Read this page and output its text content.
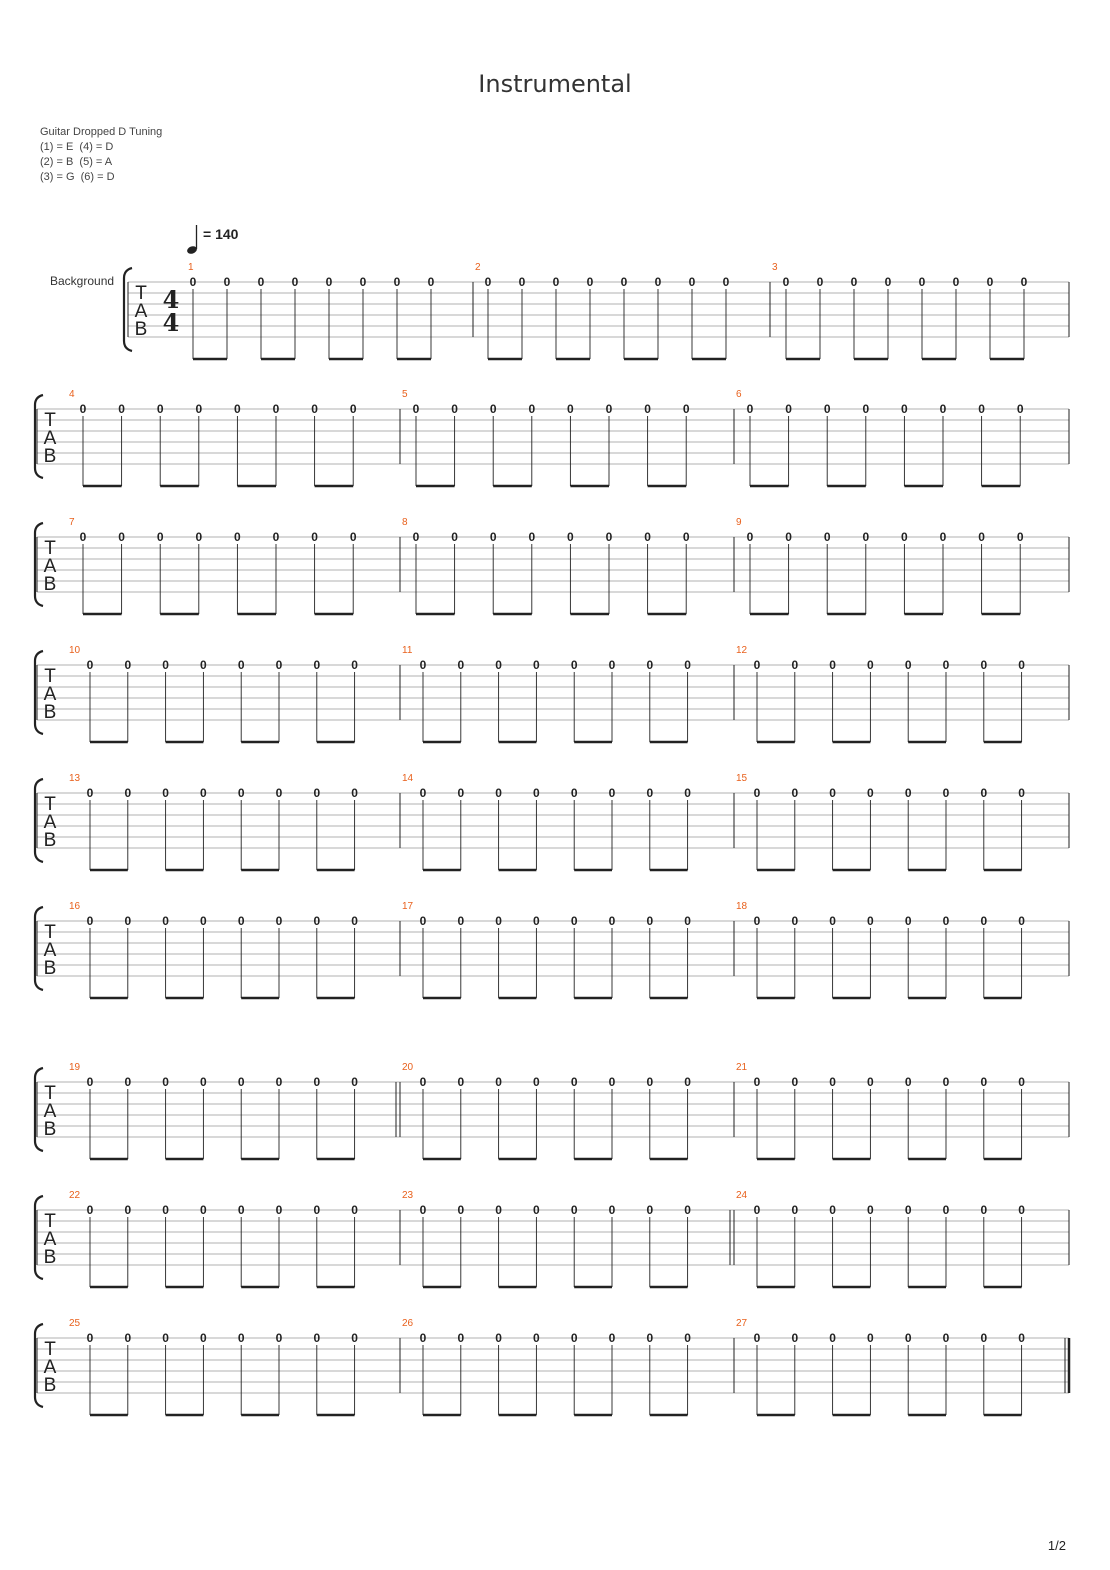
Instrumental
Guitar Dropped D Tuning
(1) = E  (4) = D
(2) = B  (5) = A
(3) = G  (6) = D
= 140
Background
T
A
B
4
4
1
0 0 0 0 0 0 0 0
2
0 0 0 0 0 0 0 0
3
0 0 0 0 0 0 0 0
T
A
B
4
0	0	0	0	0	0	0	0
5
0	0	0	0	0	0	0	0
6
0	0	0	0	0	0	0	0
T
A
B
7
0	0	0	0	0	0	0	0
8
0	0	0	0	0	0	0	0
9
0	0	0	0	0	0	0	0
T
A
B
10
0	0	0	0	0	0	0	0
11
0	0	0	0	0	0	0	0
12
0	0	0	0	0	0	0	0
T
A
B
13
0	0	0	0	0	0	0	0
14
0	0	0	0	0	0	0	0
15
0	0	0	0	0	0	0	0
T
A
B
16
0	0	0	0	0	0	0	0
17
0	0	0	0	0	0	0	0
18
0	0	0	0	0	0	0	0
T
A
B
19
0	0	0	0	0	0	0	0
20
0	0	0	0	0	0	0	0
21
0	0	0	0	0	0	0	0
T
A
B
22
0	0	0	0	0	0	0	0
23
0	0	0	0	0	0	0	0
24
0	0	0	0	0	0	0	0
T
A
B
25
0	0	0	0	0	0	0	0
26
0	0	0	0	0	0	0	0
27
0	0	0	0	0	0	0	0
1/2
